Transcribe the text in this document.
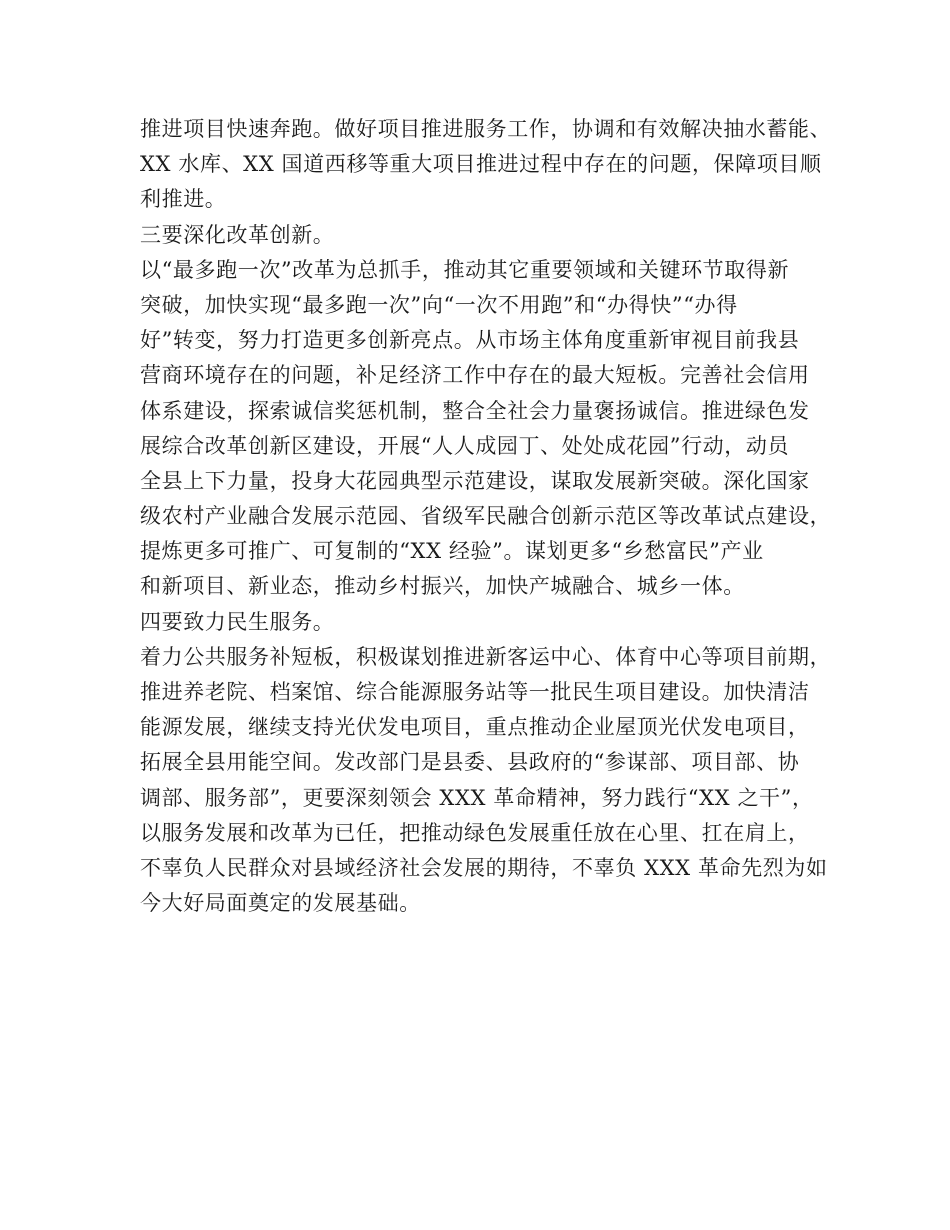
推进项目快速奔跑。做好项目推进服务工作，协调和有效解决抽水蓄能、
XX 水库、XX 国道西移等重大项目推进过程中存在的问题，保障项目顺
利推进。
三要深化改革创新。
以“最多跑一次”改革为总抓手，推动其它重要领域和关键环节取得新
突破，加快实现“最多跑一次”向“一次不用跑”和“办得快”“办得
好”转变，努力打造更多创新亮点。从市场主体角度重新审视目前我县
营商环境存在的问题，补足经济工作中存在的最大短板。完善社会信用
体系建设，探索诚信奖惩机制，整合全社会力量褒扬诚信。推进绿色发
展综合改革创新区建设，开展“人人成园丁、处处成花园”行动，动员
全县上下力量，投身大花园典型示范建设，谋取发展新突破。深化国家
级农村产业融合发展示范园、省级军民融合创新示范区等改革试点建设，
提炼更多可推广、可复制的“XX 经验”。谋划更多“乡愁富民”产业
和新项目、新业态，推动乡村振兴，加快产城融合、城乡一体。
四要致力民生服务。
着力公共服务补短板，积极谋划推进新客运中心、体育中心等项目前期，
推进养老院、档案馆、综合能源服务站等一批民生项目建设。加快清洁
能源发展，继续支持光伏发电项目，重点推动企业屋顶光伏发电项目，
拓展全县用能空间。发改部门是县委、县政府的“参谋部、项目部、协
调部、服务部”，更要深刻领会 XXX 革命精神，努力践行“XX 之干”，
以服务发展和改革为已任，把推动绿色发展重任放在心里、扛在肩上，
不辜负人民群众对县域经济社会发展的期待，不辜负 XXX 革命先烈为如
今大好局面奠定的发展基础。
